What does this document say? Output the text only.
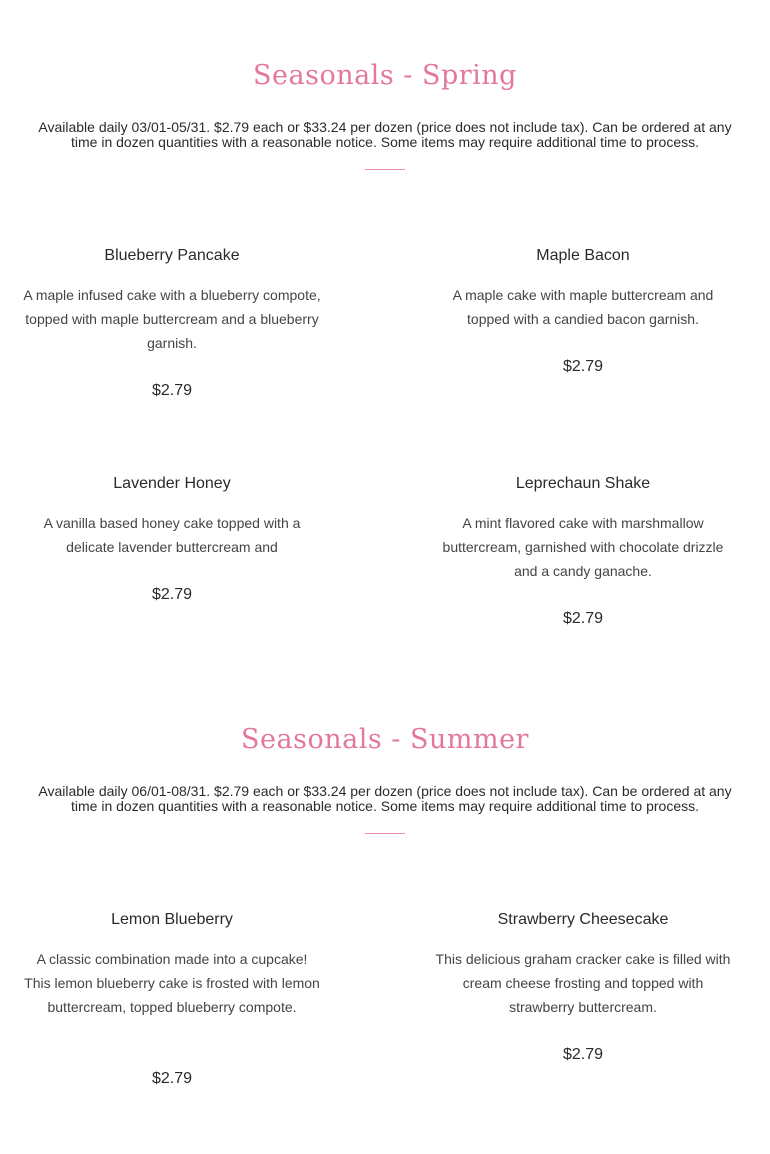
Seasonals - Spring

Available daily 03/01-05/31. $2.79 each or $33.24 per dozen (price does not include tax). Can be ordered at any time in dozen quantities with a reasonable notice. Some items may require additional time to process.

Blueberry Pancake

A maple infused cake with a blueberry compote, topped with maple buttercream and a blueberry garnish.

$2.79

Maple Bacon

A maple cake with maple buttercream and topped with a candied bacon garnish.

$2.79

Lavender Honey

A vanilla based honey cake topped with a delicate lavender buttercream and

$2.79

Leprechaun Shake

A mint flavored cake with marshmallow buttercream, garnished with chocolate drizzle and a candy ganache.

$2.79

Seasonals - Summer

Available daily 06/01-08/31. $2.79 each or $33.24 per dozen (price does not include tax). Can be ordered at any time in dozen quantities with a reasonable notice. Some items may require additional time to process.

Lemon Blueberry

A classic combination made into a cupcake! This lemon blueberry cake is frosted with lemon buttercream, topped blueberry compote.

$2.79

Strawberry Cheesecake

This delicious graham cracker cake is filled with cream cheese frosting and topped with strawberry buttercream.

$2.79
